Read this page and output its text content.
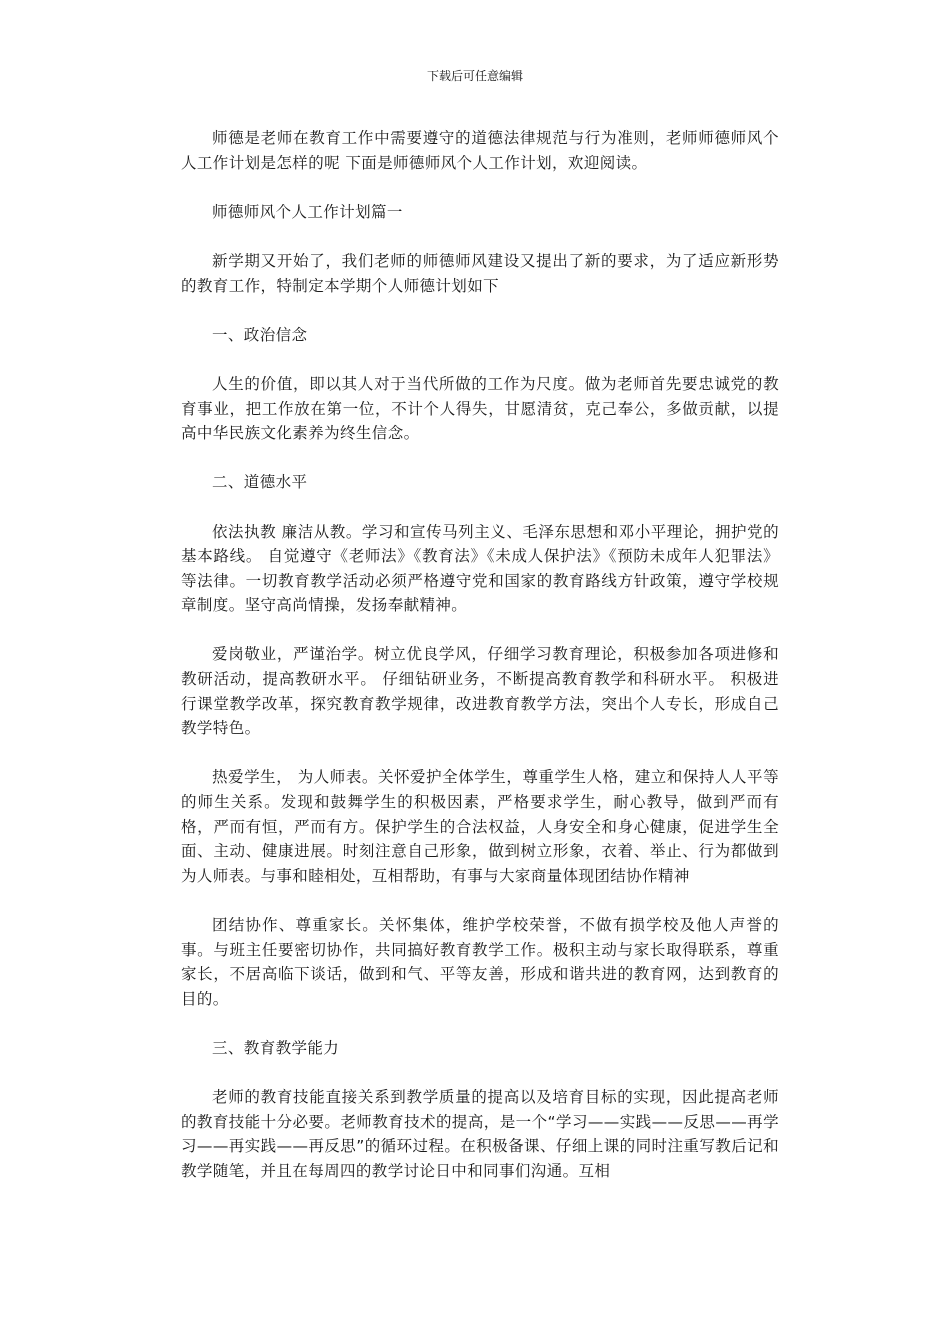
下载后可任意编辑

师德是老师在教育工作中需要遵守的道德法律规范与行为准则，老师师德师风个人工作计划是怎样的呢 下面是师德师风个人工作计划，欢迎阅读。

师德师风个人工作计划篇一

新学期又开始了，我们老师的师德师风建设又提出了新的要求，为了适应新形势的教育工作，特制定本学期个人师德计划如下

一、政治信念

人生的价值，即以其人对于当代所做的工作为尺度。做为老师首先要忠诚党的教育事业，把工作放在第一位，不计个人得失，甘愿清贫，克己奉公，多做贡献，以提高中华民族文化素养为终生信念。

二、道德水平

依法执教 廉洁从教。学习和宣传马列主义、毛泽东思想和邓小平理论，拥护党的基本路线。 自觉遵守《老师法》《教育法》《未成人保护法》《预防未成年人犯罪法》等法律。一切教育教学活动必须严格遵守党和国家的教育路线方针政策，遵守学校规章制度。坚守高尚情操，发扬奉献精神。

爱岗敬业，严谨治学。树立优良学风，仔细学习教育理论，积极参加各项进修和教研活动，提高教研水平。 仔细钻研业务，不断提高教育教学和科研水平。 积极进行课堂教学改革，探究教育教学规律，改进教育教学方法，突出个人专长，形成自己教学特色。

热爱学生， 为人师表。关怀爱护全体学生，尊重学生人格，建立和保持人人平等的师生关系。发现和鼓舞学生的积极因素，严格要求学生，耐心教导，做到严而有格，严而有恒，严而有方。保护学生的合法权益，人身安全和身心健康，促进学生全面、主动、健康进展。时刻注意自己形象，做到树立形象，衣着、举止、行为都做到为人师表。与事和睦相处，互相帮助，有事与大家商量体现团结协作精神

团结协作、尊重家长。关怀集体，维护学校荣誉，不做有损学校及他人声誉的事。与班主任要密切协作，共同搞好教育教学工作。极积主动与家长取得联系，尊重家长，不居高临下谈话，做到和气、平等友善，形成和谐共进的教育网，达到教育的目的。

三、教育教学能力

老师的教育技能直接关系到教学质量的提高以及培育目标的实现，因此提高老师的教育技能十分必要。老师教育技术的提高，是一个“学习——实践——反思——再学习——再实践——再反思”的循环过程。在积极备课、仔细上课的同时注重写教后记和教学随笔，并且在每周四的教学讨论日中和同事们沟通。互相
